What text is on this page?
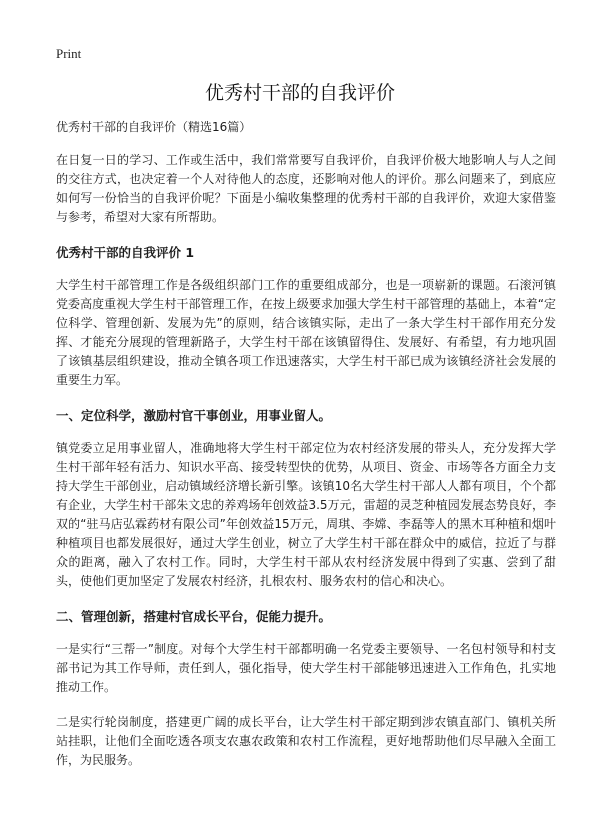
Print
优秀村干部的自我评价

优秀村干部的自我评价（精选16篇）

在日复一日的学习、工作或生活中，我们常常要写自我评价，自我评价极大地影响人与人之间的交往方式，也决定着一个人对待他人的态度，还影响对他人的评价。那么问题来了，到底应如何写一份恰当的自我评价呢？下面是小编收集整理的优秀村干部的自我评价，欢迎大家借鉴与参考，希望对大家有所帮助。

优秀村干部的自我评价 1

大学生村干部管理工作是各级组织部门工作的重要组成部分，也是一项崭新的课题。石滚河镇党委高度重视大学生村干部管理工作，在按上级要求加强大学生村干部管理的基础上，本着“定位科学、管理创新、发展为先”的原则，结合该镇实际，走出了一条大学生村干部作用充分发挥、才能充分展现的管理新路子，大学生村干部在该镇留得住、发展好、有希望，有力地巩固了该镇基层组织建设，推动全镇各项工作迅速落实，大学生村干部已成为该镇经济社会发展的重要生力军。

一、定位科学，激励村官干事创业，用事业留人。

镇党委立足用事业留人，准确地将大学生村干部定位为农村经济发展的带头人，充分发挥大学生村干部年轻有活力、知识水平高、接受转型快的优势，从项目、资金、市场等各方面全力支持大学生干部创业，启动镇域经济增长新引擎。该镇10名大学生村干部人人都有项目，个个都有企业，大学生村干部朱文忠的养鸡场年创效益3.5万元，雷超的灵芝种植园发展态势良好，李双的“驻马店弘霖药材有限公司”年创效益15万元，周琪、李嫦、李磊等人的黑木耳种植和烟叶种植项目也都发展很好，通过大学生创业，树立了大学生村干部在群众中的威信，拉近了与群众的距离，融入了农村工作。同时，大学生村干部从农村经济发展中得到了实惠、尝到了甜头，使他们更加坚定了发展农村经济，扎根农村、服务农村的信心和决心。

二、管理创新，搭建村官成长平台，促能力提升。

一是实行“三帮一”制度。对每个大学生村干部都明确一名党委主要领导、一名包村领导和村支部书记为其工作导师，责任到人，强化指导，使大学生村干部能够迅速进入工作角色，扎实地推动工作。

二是实行轮岗制度，搭建更广阔的成长平台，让大学生村干部定期到涉农镇直部门、镇机关所站挂职，让他们全面吃透各项支农惠农政策和农村工作流程，更好地帮助他们尽早融入全面工作，为民服务。
